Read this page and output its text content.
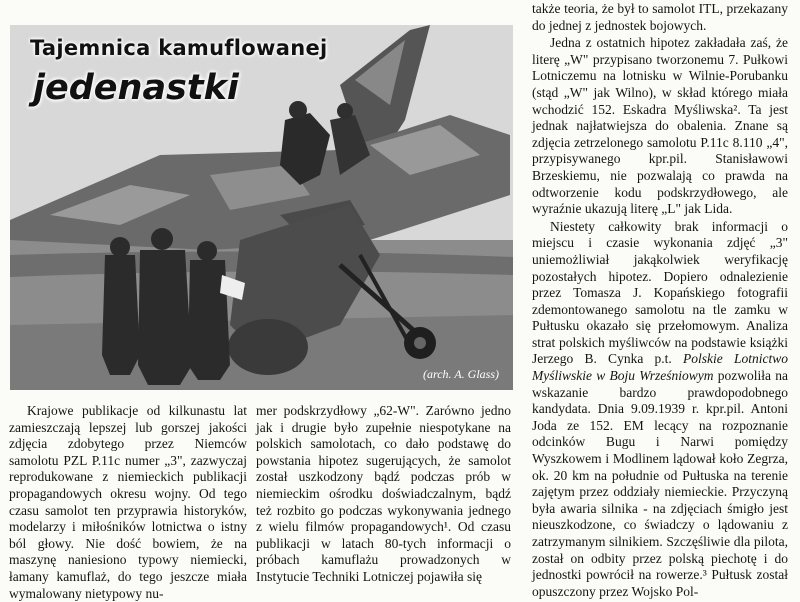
(arch. A. Glass)
Tajemnica kamuflowanej
jedenastki

Krajowe publikacje od kilkunastu lat zamieszczają lepszej lub gorszej jakości zdjęcia zdobytego przez Niemców samolotu PZL P.11c numer „3", zazwyczaj reprodukowane z niemieckich publikacji propagandowych okresu wojny. Od tego czasu samolot ten przyprawia historyków, modelarzy i miłośników lotnictwa o istny ból głowy. Nie dość bowiem, że na maszynę naniesiono typowy niemiecki, łamany kamuflaż, do tego jeszcze miała wymalowany nietypowy nu-

mer podskrzydłowy „62-W". Zarówno jedno jak i drugie było zupełnie niespotykane na polskich samolotach, co dało podstawę do powstania hipotez sugerujących, że samolot został uszkodzony bądź podczas prób w niemieckim ośrodku doświadczalnym, bądź też rozbito go podczas wykonywania jednego z wielu filmów propagandowych¹. Od czasu publikacji w latach 80-tych informacji o próbach kamuflażu prowadzonych w Instytucie Techniki Lotniczej pojawiła się

także teoria, że był to samolot ITL, przekazany do jednej z jednostek bojowych.

Jedna z ostatnich hipotez zakładała zaś, że literę „W" przypisano tworzonemu 7. Pułkowi Lotniczemu na lotnisku w Wilnie-Porubanku (stąd „W" jak Wilno), w skład którego miała wchodzić 152. Eskadra Myśliwska². Ta jest jednak najłatwiejsza do obalenia. Znane są zdjęcia zetrzelonego samolotu P.11c 8.110 „4", przypisywanego kpr.pil. Stanisławowi Brzeskiemu, nie pozwalają co prawda na odtworzenie kodu podskrzydłowego, ale wyraźnie ukazują literę „L" jak Lida.

Niestety całkowity brak informacji o miejscu i czasie wykonania zdjęć „3" uniemożliwiał jakąkolwiek weryfikację pozostałych hipotez. Dopiero odnalezienie przez Tomasza J. Kopańskiego fotografii zdemontowanego samolotu na tle zamku w Pułtusku okazało się przełomowym. Analiza strat polskich myśliwców na podstawie książki Jerzego B. Cynka p.t. Polskie Lotnictwo Myśliwskie w Boju Wrześniowym pozwoliła na wskazanie bardzo prawdopodobnego kandydata. Dnia 9.09.1939 r. kpr.pil. Antoni Joda ze 152. EM lecący na rozpoznanie odcinków Bugu i Narwi pomiędzy Wyszkowem i Modlinem lądował koło Zegrza, ok. 20 km na południe od Pułtuska na terenie zajętym przez oddziały niemieckie. Przyczyną była awaria silnika - na zdjęciach śmigło jest nieuszkodzone, co świadczy o lądowaniu z zatrzymanym silnikiem. Szczęśliwie dla pilota, został on odbity przez polską piechotę i do jednostki powrócił na rowerze.³ Pułtusk został opuszczony przez Wojsko Pol-
